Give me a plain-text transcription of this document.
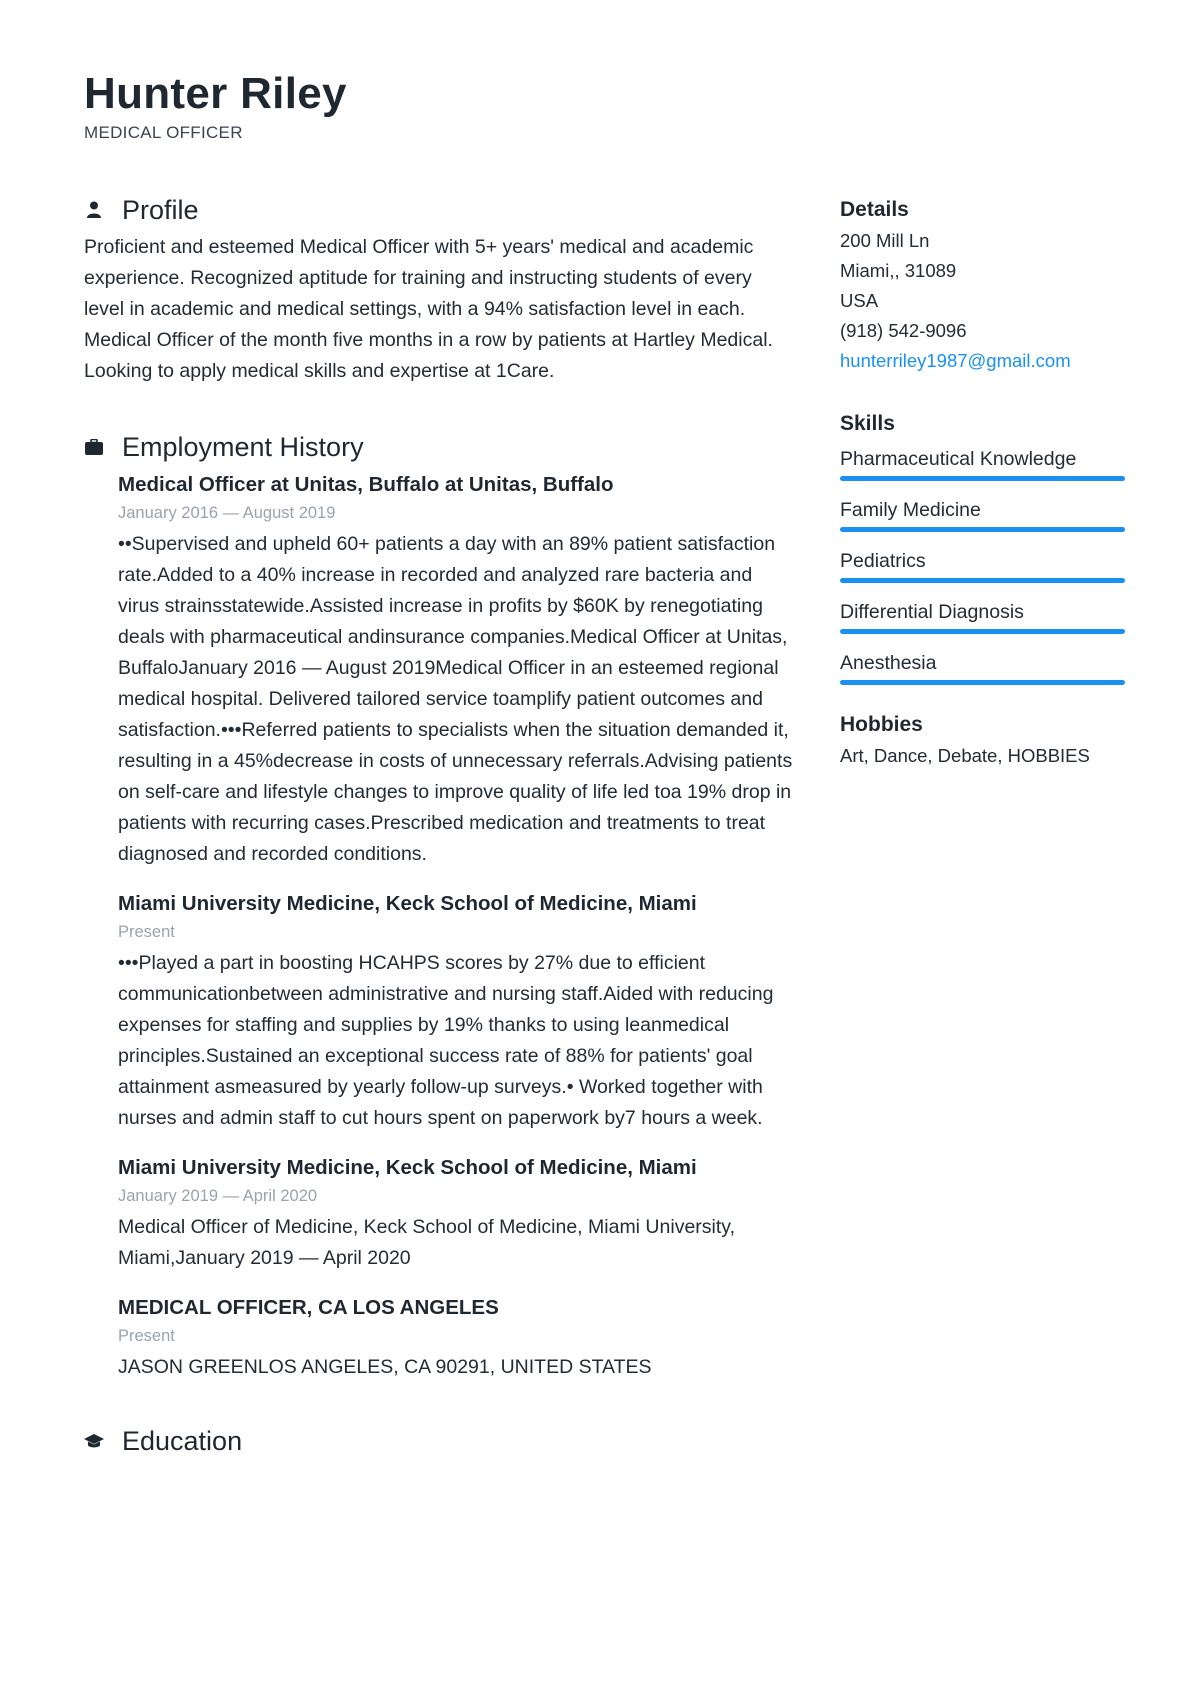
Hunter Riley
MEDICAL OFFICER
Profile

Proficient and esteemed Medical Officer with 5+ years' medical and academic experience. Recognized aptitude for training and instructing students of every level in academic and medical settings, with a 94% satisfaction level in each. Medical Officer of the month five months in a row by patients at Hartley Medical. Looking to apply medical skills and expertise at 1Care.

Employment History

Medical Officer at Unitas, Buffalo at Unitas, Buffalo

January 2016 — August 2019

••Supervised and upheld 60+ patients a day with an 89% patient satisfaction rate.Added to a 40% increase in recorded and analyzed rare bacteria and virus strainsstatewide.Assisted increase in profits by $60K by renegotiating deals with pharmaceutical andinsurance companies.Medical Officer at Unitas, BuffaloJanuary 2016 — August 2019Medical Officer in an esteemed regional medical hospital. Delivered tailored service toamplify patient outcomes and satisfaction.•••Referred patients to specialists when the situation demanded it, resulting in a 45%decrease in costs of unnecessary referrals.Advising patients on self-care and lifestyle changes to improve quality of life led toa 19% drop in patients with recurring cases.Prescribed medication and treatments to treat diagnosed and recorded conditions.

Miami University Medicine, Keck School of Medicine, Miami

Present

•••Played a part in boosting HCAHPS scores by 27% due to efficient communicationbetween administrative and nursing staff.Aided with reducing expenses for staffing and supplies by 19% thanks to using leanmedical principles.Sustained an exceptional success rate of 88% for patients' goal attainment asmeasured by yearly follow-up surveys.• Worked together with nurses and admin staff to cut hours spent on paperwork by7 hours a week.

Miami University Medicine, Keck School of Medicine, Miami

January 2019 — April 2020

Medical Officer of Medicine, Keck School of Medicine, Miami University, Miami,January 2019 — April 2020

MEDICAL OFFICER, CA LOS ANGELES

Present

JASON GREENLOS ANGELES, CA 90291, UNITED STATES

Education

Details

200 Mill Ln

Miami,, 31089

USA

(918) 542-9096

hunterriley1987@gmail.com

Skills

Pharmaceutical Knowledge

Family Medicine

Pediatrics

Differential Diagnosis

Anesthesia

Hobbies

Art, Dance, Debate, HOBBIES
